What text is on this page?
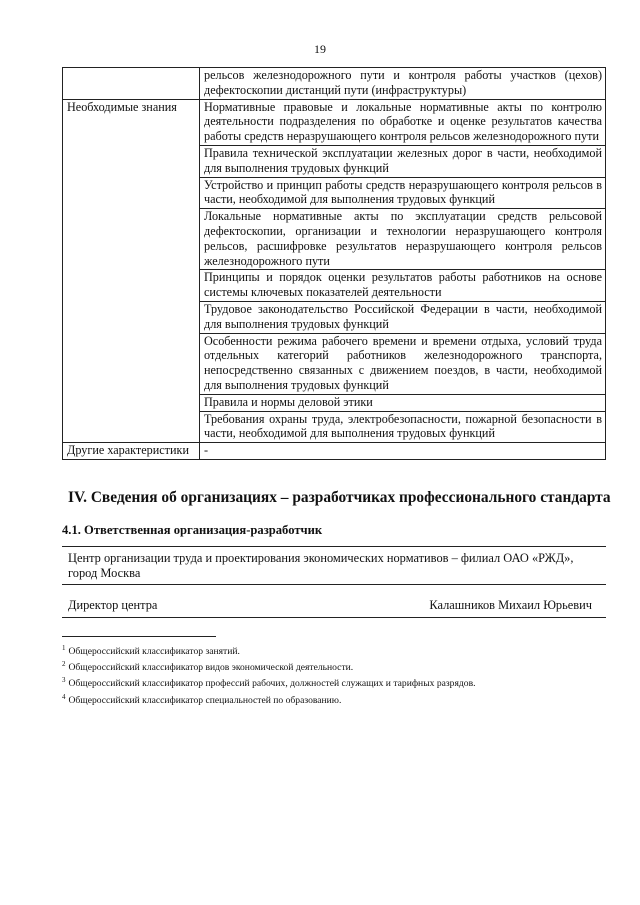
19
	рельсов железнодорожного пути и контроля работы участков (цехов) дефектоскопии дистанций пути (инфраструктуры)
Необходимые знания	Нормативные правовые и локальные нормативные акты по контролю деятельности подразделения по обработке и оценке результатов качества работы средств неразрушающего контроля рельсов железнодорожного пути
	Правила технической эксплуатации железных дорог в части, необходимой для выполнения трудовых функций
	Устройство и принцип работы средств неразрушающего контроля рельсов в части, необходимой для выполнения трудовых функций
	Локальные нормативные акты по эксплуатации средств рельсовой дефектоскопии, организации и технологии неразрушающего контроля рельсов, расшифровке результатов неразрушающего контроля рельсов железнодорожного пути
	Принципы и порядок оценки результатов работы работников на основе системы ключевых показателей деятельности
	Трудовое законодательство Российской Федерации в части, необходимой для выполнения трудовых функций
	Особенности режима рабочего времени и времени отдыха, условий труда отдельных категорий работников железнодорожного транспорта, непосредственно связанных с движением поездов, в части, необходимой для выполнения трудовых функций
	Правила и нормы деловой этики
	Требования охраны труда, электробезопасности, пожарной безопасности в части, необходимой для выполнения трудовых функций
Другие характеристики	-
IV. Сведения об организациях – разработчиках профессионального стандарта
4.1. Ответственная организация-разработчик
Центр организации труда и проектирования экономических нормативов – филиал ОАО «РЖД», город Москва
Директор центра	Калашников Михаил Юрьевич
$^1$ Общероссийский классификатор занятий.
$^2$ Общероссийский классификатор видов экономической деятельности.
$^3$ Общероссийский классификатор профессий рабочих, должностей служащих и тарифных разрядов.
$^4$ Общероссийский классификатор специальностей по образованию.
